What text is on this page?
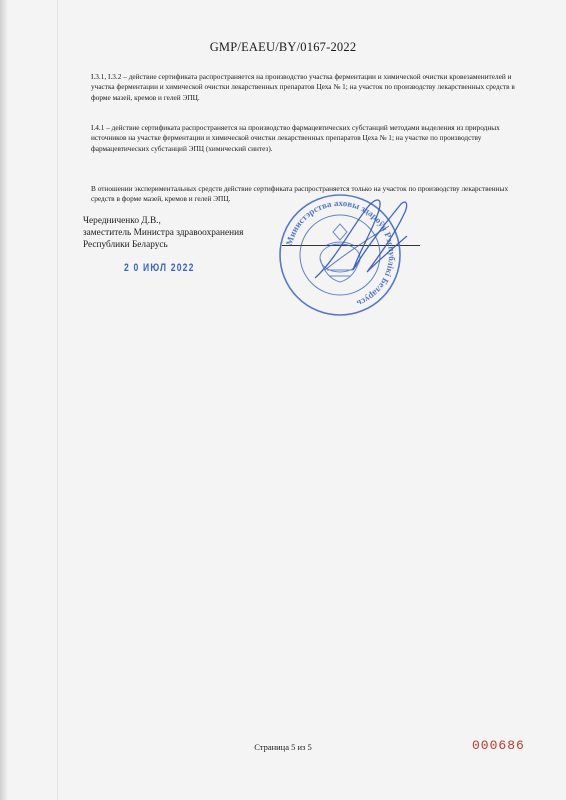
GMP/EAEU/BY/0167-2022
I.3.1, I.3.2 – действие сертификата распространяется на производство участка ферментации и химической очистки кровезаменителей и участка ферментации и химической очистки лекарственных препаратов Цеха № 1; на участок по производству лекарственных средств в форме мазей, кремов и гелей ЭПЦ.
I.4.1 – действие сертификата распространяется на производство фармацевтических субстанций методами выделения из природных источников на участке ферментации и химической очистки лекарственных препаратов Цеха № 1; на участке по производству фармацевтических субстанций ЭПЦ (химический синтез).
В отношении экспериментальных средств действие сертификата распространяется только на участок по производству лекарственных средств в форме мазей, кремов и гелей ЭПЦ.
Чередниченко Д.В.,
заместитель Министра здравоохранения
Республики Беларусь
2 0 ИЮЛ 2022
Министэрства аховы здароўя Рэспублікі Беларусь
Страница 5 из 5	000686
